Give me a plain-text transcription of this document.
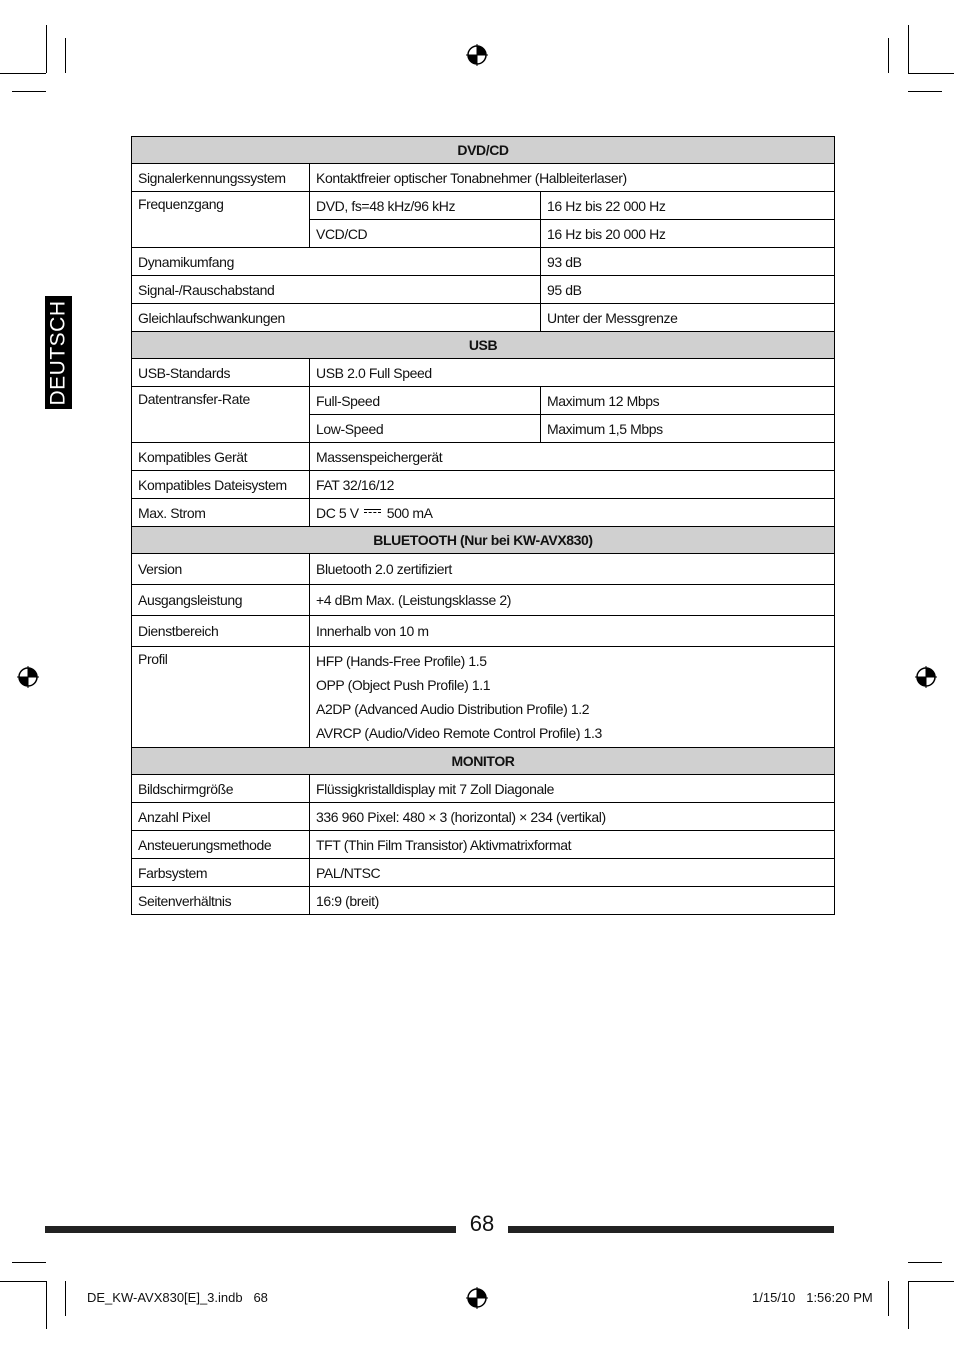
DEUTSCH
DVD/CD		
Signalerkennungssystem	Kontaktfreier optischer Tonabnehmer (Halbleiterlaser)	
Frequenzgang	DVD, fs=48 kHz/96 kHz	16 Hz bis 22 000 Hz
	VCD/CD	16 Hz bis 20 000 Hz
Dynamikumfang		93 dB
Signal-/Rauschabstand		95 dB
Gleichlaufschwankungen		Unter der Messgrenze
USB		
USB-Standards	USB 2.0 Full Speed	
Datentransfer-Rate	Full-Speed	Maximum 12 Mbps
	Low-Speed	Maximum 1,5 Mbps
Kompatibles Gerät	Massenspeichergerät	
Kompatibles Dateisystem	FAT 32/16/12	
Max. Strom	DC 5 V 500 mA	
BLUETOOTH (Nur bei KW-AVX830)		
Version	Bluetooth 2.0 zertifiziert	
Ausgangsleistung	+4 dBm Max. (Leistungsklasse 2)	
Dienstbereich	Innerhalb von 10 m	
Profil	HFP (Hands-Free Profile) 1.5
OPP (Object Push Profile) 1.1
A2DP (Advanced Audio Distribution Profile) 1.2
AVRCP (Audio/Video Remote Control Profile) 1.3	

MONITOR		
Bildschirmgröße	Flüssigkristalldisplay mit 7 Zoll Diagonale	
Anzahl Pixel	336 960 Pixel: 480 × 3 (horizontal) × 234 (vertikal)	
Ansteuerungsmethode	TFT (Thin Film Transistor) Aktivmatrixformat	
Farbsystem	PAL/NTSC	
Seitenverhältnis	16:9 (breit)	
68
DE_KW-AVX830[E]_3.indb   68	1/15/10   1:56:20 PM
